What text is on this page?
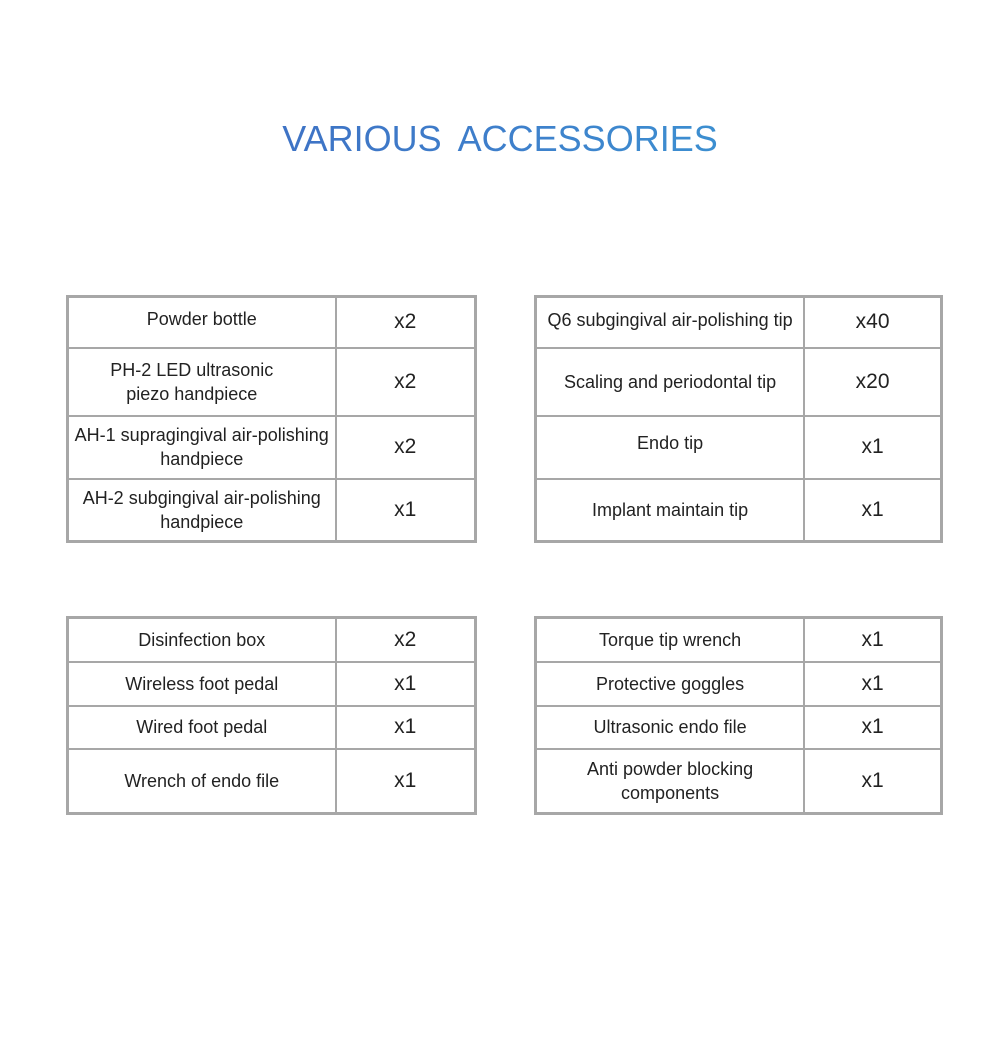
VARIOUS ACCESSORIES
Powder bottle	x2
PH-2 LED ultrasonic piezo handpiece	x2
AH-1 supragingival air-polishing handpiece	x2
AH-2 subgingival air-polishing handpiece	x1
Q6 subgingival air-polishing tip	x40
Scaling and periodontal tip	x20
Endo tip	x1
Implant maintain tip	x1
Disinfection box	x2
Wireless foot pedal	x1
Wired foot pedal	x1
Wrench of endo file	x1
Torque tip wrench	x1
Protective goggles	x1
Ultrasonic endo file	x1
Anti powder blocking components	x1
